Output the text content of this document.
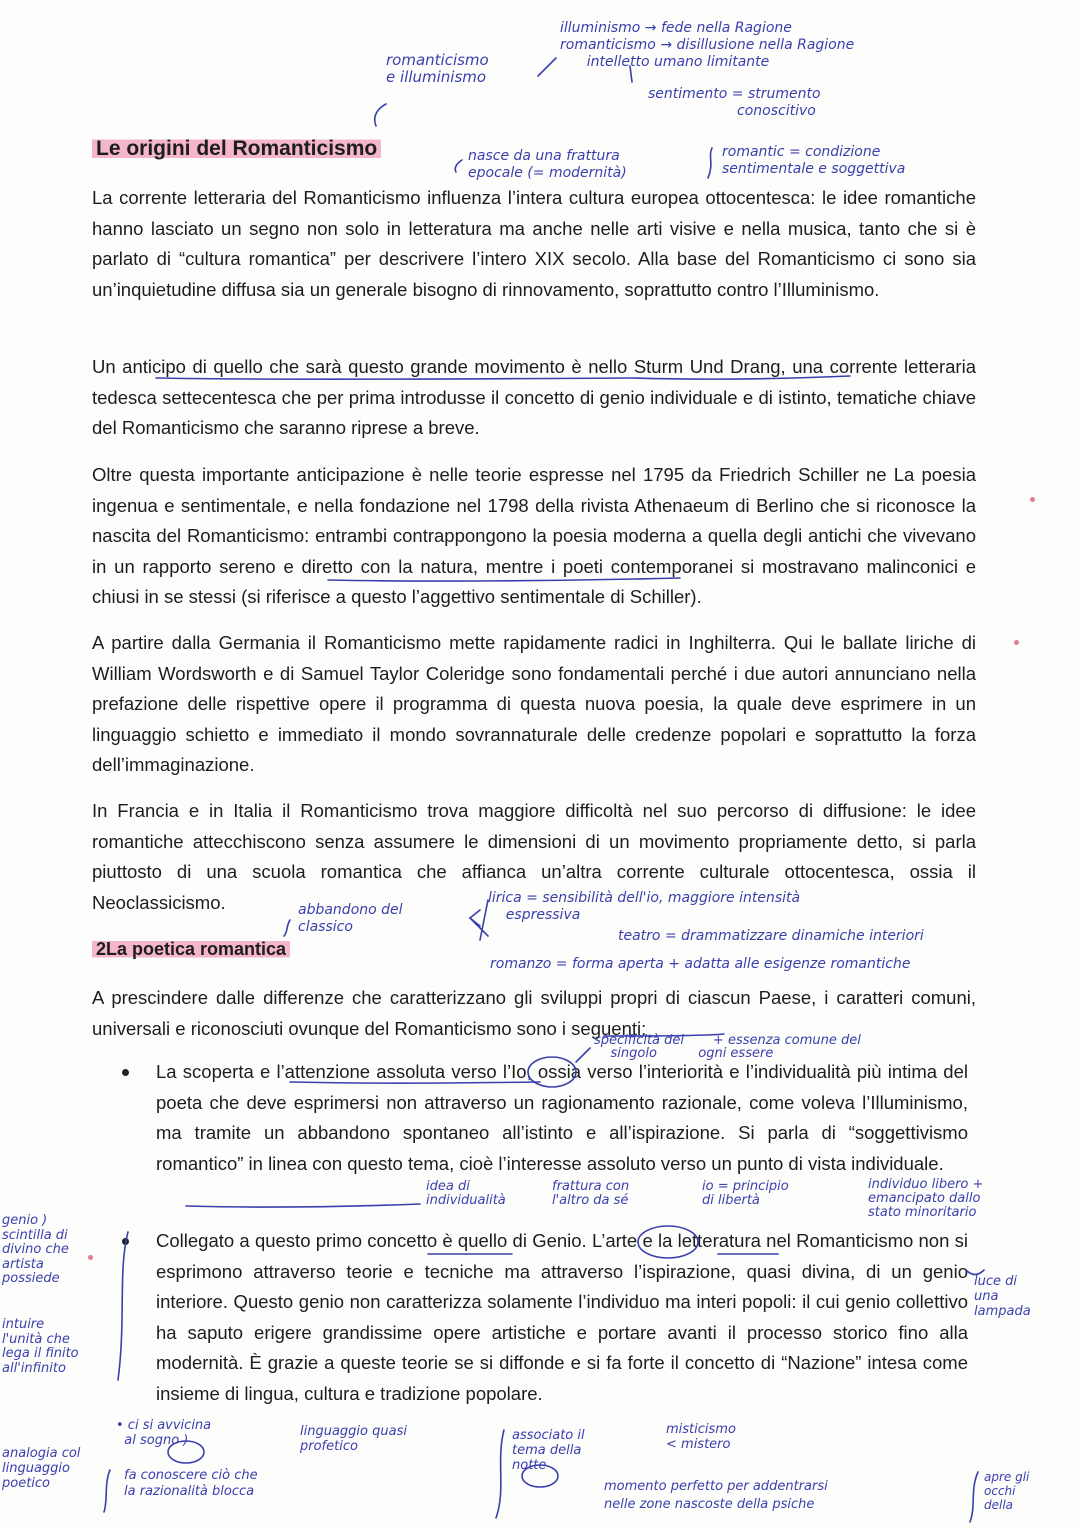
Le origini del Romanticismo

La corrente letteraria del Romanticismo influenza l’intera cultura europea ottocentesca: le idee romantiche hanno lasciato un segno non solo in letteratura ma anche nelle arti visive e nella musica, tanto che si è parlato di “cultura romantica” per descrivere l’intero XIX secolo. Alla base del Romanticismo ci sono sia un’inquietudine diffusa sia un generale bisogno di rinnovamento, soprattutto contro l’Illuminismo.

Un anticipo di quello che sarà questo grande movimento è nello Sturm Und Drang, una corrente letteraria tedesca settecentesca che per prima introdusse il concetto di genio individuale e di istinto, tematiche chiave del Romanticismo che saranno riprese a breve.

Oltre questa importante anticipazione è nelle teorie espresse nel 1795 da Friedrich Schiller ne La poesia ingenua e sentimentale, e nella fondazione nel 1798 della rivista Athenaeum di Berlino che si riconosce la nascita del Romanticismo: entrambi contrappongono la poesia moderna a quella degli antichi che vivevano in un rapporto sereno e diretto con la natura, mentre i poeti contemporanei si mostravano malinconici e chiusi in se stessi (si riferisce a questo l’aggettivo sentimentale di Schiller).

A partire dalla Germania il Romanticismo mette rapidamente radici in Inghilterra. Qui le ballate liriche di William Wordsworth e di Samuel Taylor Coleridge sono fondamentali perché i due autori annunciano nella prefazione delle rispettive opere il programma di questa nuova poesia, la quale deve esprimere in un linguaggio schietto e immediato il mondo sovrannaturale delle credenze popolari e soprattutto la forza dell’immaginazione.

In Francia e in Italia il Romanticismo trova maggiore difficoltà nel suo percorso di diffusione: le idee romantiche attecchiscono senza assumere le dimensioni di un movimento propriamente detto, si parla piuttosto di una scuola romantica che affianca un’altra corrente culturale ottocentesca, ossia il Neoclassicismo.

2La poetica romantica

A prescindere dalle differenze che caratterizzano gli sviluppi propri di ciascun Paese, i caratteri comuni, universali e riconosciuti ovunque del Romanticismo sono i seguenti:

La scoperta e l’attenzione assoluta verso l’Io, ossia verso l’interiorità e l’individualità più intima del poeta che deve esprimersi non attraverso un ragionamento razionale, come voleva l’Illuminismo, ma tramite un abbandono spontaneo all’istinto e all’ispirazione. Si parla di “soggettivismo romantico” in linea con questo tema, cioè l’interesse assoluto verso un punto di vista individuale.

Collegato a questo primo concetto è quello di Genio. L’arte e la letteratura nel Romanticismo non si esprimono attraverso teorie e tecniche ma attraverso l’ispirazione, quasi divina, di un genio interiore. Questo genio non caratterizza solamente l’individuo ma interi popoli: il cui genio collettivo ha saputo erigere grandissime opere artistiche e portare avanti il processo storico fino alla modernità. È grazie a queste teorie se si diffonde e si fa forte il concetto di “Nazione” intesa come insieme di lingua, cultura e tradizione popolare.

romanticismo
e illuminismo
illuminismo → fede nella Ragione
romanticismo → disillusione nella Ragione
intelletto umano limitante
sentimento = strumento
conoscitivo
nasce da una frattura
epocale (= modernità)
romantic = condizione
sentimentale e soggettiva
abbandono del
classico
lirica = sensibilità dell'io, maggiore intensità
espressiva
teatro = drammatizzare dinamiche interiori
romanzo = forma aperta + adatta alle esigenze romantiche
specificità del       + essenza comune del
singolo          ogni essere
idea di
individualità
frattura con
l'altro da sé
io = principio
di libertà
individuo libero +
emancipato dallo
stato minoritario
genio )
scintilla di
divino che
artista
possiede
intuire
l'unità che
lega il finito
all'infinito
luce di
una
lampada
• ci si avvicina
al sogno )
linguaggio quasi
profetico
analogia col
linguaggio
poetico
fa conoscere ciò che
la razionalità blocca
associato il
tema della
notte
misticismo
< mistero
momento perfetto per addentrarsi
nelle zone nascoste della psiche
apre gli
occhi
della
